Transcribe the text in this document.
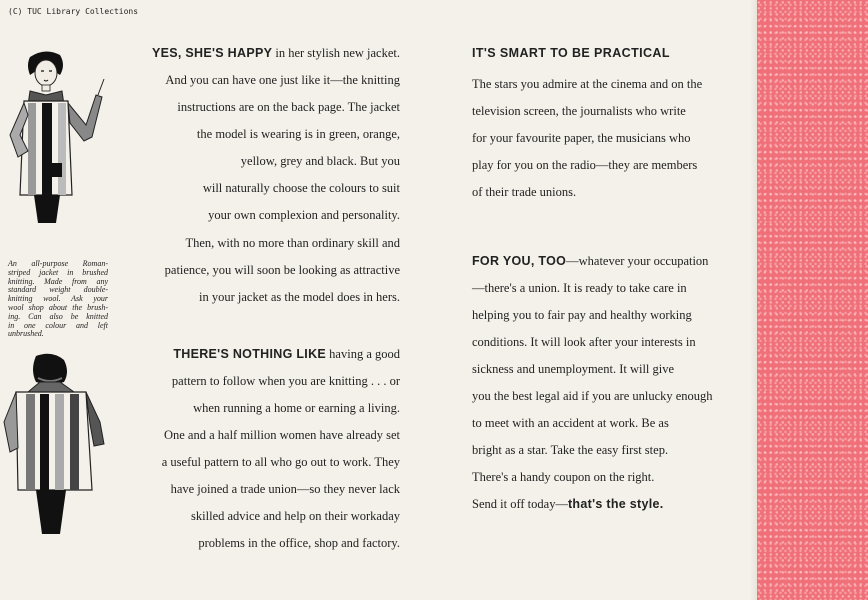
(C) TUC Library Collections
An all-purpose Roman-
striped jacket in brushed
knitting. Made from any
standard weight double-
knitting wool. Ask your
wool shop about the brush-
ing. Can also be knitted
in one colour and left
unbrushed.
YES, SHE'S HAPPY in her stylish new jacket.
And you can have one just like it—the knitting
instructions are on the back page. The jacket
the model is wearing is in green, orange,
yellow, grey and black. But you
will naturally choose the colours to suit
your own complexion and personality.
Then, with no more than ordinary skill and
patience, you will soon be looking as attractive
in your jacket as the model does in hers.
THERE'S NOTHING LIKE having a good
pattern to follow when you are knitting . . . or
when running a home or earning a living.
One and a half million women have already set
a useful pattern to all who go out to work. They
have joined a trade union—so they never lack
skilled advice and help on their workaday
problems in the office, shop and factory.
IT'S SMART TO BE PRACTICAL
The stars you admire at the cinema and on the
television screen, the journalists who write
for your favourite paper, the musicians who
play for you on the radio—they are members
of their trade unions.
FOR YOU, TOO—whatever your occupation
—there's a union. It is ready to take care in
helping you to fair pay and healthy working
conditions. It will look after your interests in
sickness and unemployment. It will give
you the best legal aid if you are unlucky enough
to meet with an accident at work. Be as
bright as a star. Take the easy first step.
There's a handy coupon on the right.
Send it off today—that's the style.
